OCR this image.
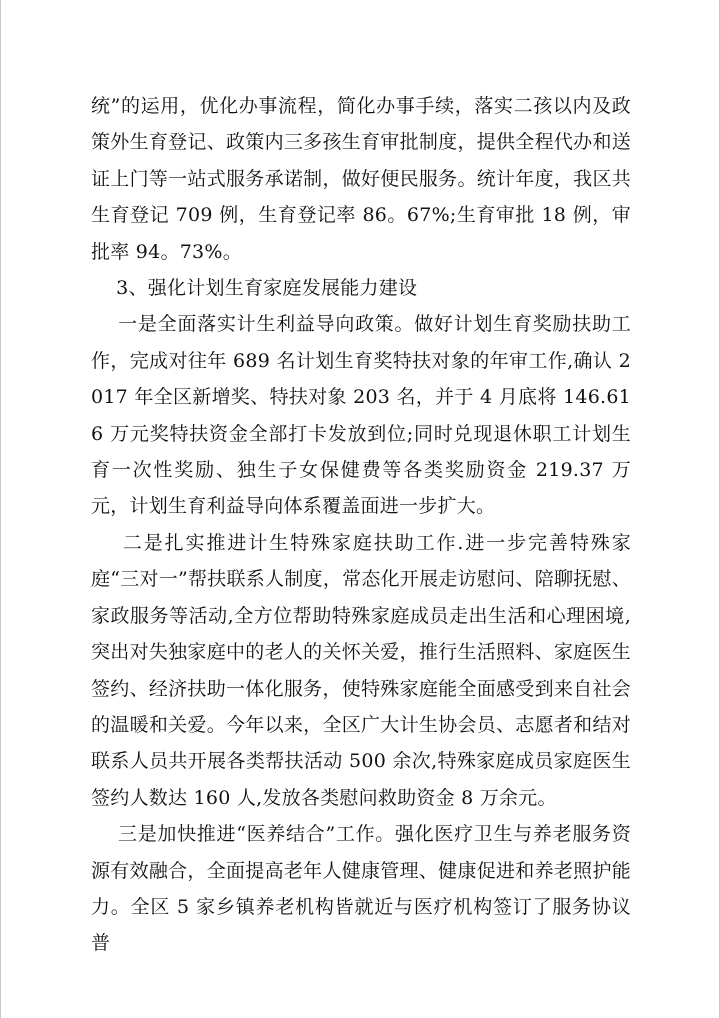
统”的运用，优化办事流程，简化办事手续，落实二孩以内及政策外生育登记、政策内三多孩生育审批制度，提供全程代办和送证上门等一站式服务承诺制，做好便民服务。统计年度，我区共生育登记 709 例，生育登记率 86。67%;生育审批 18 例，审批率 94。73%。

3、强化计划生育家庭发展能力建设

一是全面落实计生利益导向政策。做好计划生育奖励扶助工作，完成对往年 689 名计划生育奖特扶对象的年审工作,确认 2017 年全区新增奖、特扶对象 203 名，并于 4 月底将 146.616 万元奖特扶资金全部打卡发放到位;同时兑现退休职工计划生育一次性奖励、独生子女保健费等各类奖励资金 219.37 万元，计划生育利益导向体系覆盖面进一步扩大。

二是扎实推进计生特殊家庭扶助工作.进一步完善特殊家庭“三对一”帮扶联系人制度，常态化开展走访慰问、陪聊抚慰、家政服务等活动,全方位帮助特殊家庭成员走出生活和心理困境,突出对失独家庭中的老人的关怀关爱，推行生活照料、家庭医生签约、经济扶助一体化服务，使特殊家庭能全面感受到来自社会的温暖和关爱。今年以来，全区广大计生协会员、志愿者和结对联系人员共开展各类帮扶活动 500 余次,特殊家庭成员家庭医生签约人数达 160 人,发放各类慰问救助资金 8 万余元。

三是加快推进“医养结合”工作。强化医疗卫生与养老服务资源有效融合，全面提高老年人健康管理、健康促进和养老照护能力。全区 5 家乡镇养老机构皆就近与医疗机构签订了服务协议普
